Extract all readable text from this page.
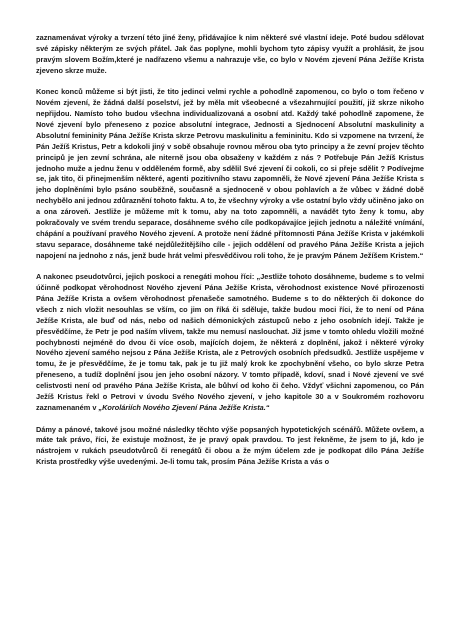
zaznamenávat výroky a tvrzení této jiné ženy, přidávajíce k nim některé své vlastní ideje. Poté budou sdělovat své zápisky některým ze svých přátel. Jak čas poplyne, mohli bychom tyto zápisy využít a prohlásit, že jsou pravým slovem Božím,které je nadřazeno všemu a nahrazuje vše, co bylo v Novém zjevení Pána Ježíše Krista zjeveno skrze muže.

Konec konců můžeme si být jisti, že tito jedinci velmi rychle a pohodlně zapomenou, co bylo o tom řečeno v Novém zjevení, že žádná další poselství, jež by měla mít všeobecné a všezahrnující použití, již skrze nikoho nepřijdou. Namísto toho budou všechna individualizovaná a osobní atd. Každý také pohodlně zapomene, že Nové zjevení bylo přeneseno z pozice absolutní integrace, Jednosti a Sjednocení Absolutní maskulinity a Absolutní femininity Pána Ježíše Krista skrze Petrovu maskulinitu a femininitu. Kdo si vzpomene na tvrzení, že Pán Ježíš Kristus, Petr a kdokoli jiný v sobě obsahuje rovnou měrou oba tyto principy a že zevní projev těchto principů je jen zevní schrána, ale niterně jsou oba obsaženy v každém z nás ? Potřebuje Pán Ježíš Kristus jednoho muže a jednu ženu v odděleném formě, aby sdělil Své zjevení či cokoli, co si přeje sdělit ? Podívejme se, jak tito, či přinejmenším některé, agenti pozitivního stavu zapomněli, že Nové zjevení Pána Ježíše Krista s jeho doplněními bylo psáno souběžně, současně a sjednoceně v obou pohlavích a že vůbec v žádné době nechybělo ani jednou zdůraznění tohoto faktu. A to, že všechny výroky a vše ostatní bylo vždy učiněno jako on a ona zároveň. Jestliže je můžeme mít k tomu, aby na toto zapomněli, a navádět tyto ženy k tomu, aby pokračovaly ve svém trendu separace, dosáhneme svého cíle podkopávajíce jejich jednotu a náležité vnímání, chápání a používaní pravého Nového zjevení. A protože není žádné přítomnosti Pána Ježíše Krista v jakémkoli stavu separace, dosáhneme také nejdůležitějšího cíle - jejich oddělení od pravého Pána Ježíše Krista a jejich napojení na jednoho z nás, jenž bude hrát velmi přesvědčivou roli toho, že je pravým Pánem Ježíšem Kristem.“

A nakonec pseudotvůrci, jejich poskoci a renegáti mohou říci: „Jestliže tohoto dosáhneme, budeme s to velmi účinně podkopat věrohodnost Nového zjevení Pána Ježíše Krista, věrohodnost existence Nové přirozenosti Pána Ježíše Krista a ovšem věrohodnost přenašeče samotného. Budeme s to do některých či dokonce do všech z nich vložit nesouhlas se vším, co jim on říká či sděluje, takže budou moci říci, že to není od Pána Ježíše Krista, ale buď od nás, nebo od našich démonických zástupců nebo z jeho osobních idejí. Takže je přesvědčíme, že Petr je pod naším vlivem, takže mu nemusí naslouchat. Již jsme v tomto ohledu vložili možné pochybnosti nejméně do dvou či více osob, majících dojem, že některá z doplnění, jakož i některé výroky Nového zjevení samého nejsou z Pána Ježíše Krista, ale z Petrových osobních předsudků. Jestliže uspějeme v tomu, že je přesvědčíme, že je tomu tak, pak je tu již malý krok ke zpochybnění všeho, co bylo skrze Petra přeneseno, a tudíž doplnění jsou jen jeho osobní názory. V tomto případě, kdoví, snad i Nové zjevení ve své celistvosti není od pravého Pána Ježíše Krista, ale bůhví od koho či čeho. Vždyť všichni zapomenou, co Pán Ježíš Kristus řekl o Petrovi v úvodu Svého Nového zjevení, v jeho kapitole 30 a v Soukromém rozhovoru zaznamenaném v „Koroláriích Nového Zjevení Pána Ježíše Krista.“

Dámy a pánové, takové jsou možné následky těchto výše popsaných hypotetických scénářů. Můžete ovšem, a máte tak právo, říci, že existuje možnost, že je pravý opak pravdou. To jest řekněme, že jsem to já, kdo je nástrojem v rukách pseudotvůrců či renegátů či obou a že mým účelem zde je podkopat dílo Pána Ježíše Krista prostředky výše uvedenými. Je-li tomu tak, prosím Pána Ježíše Krista a vás o
